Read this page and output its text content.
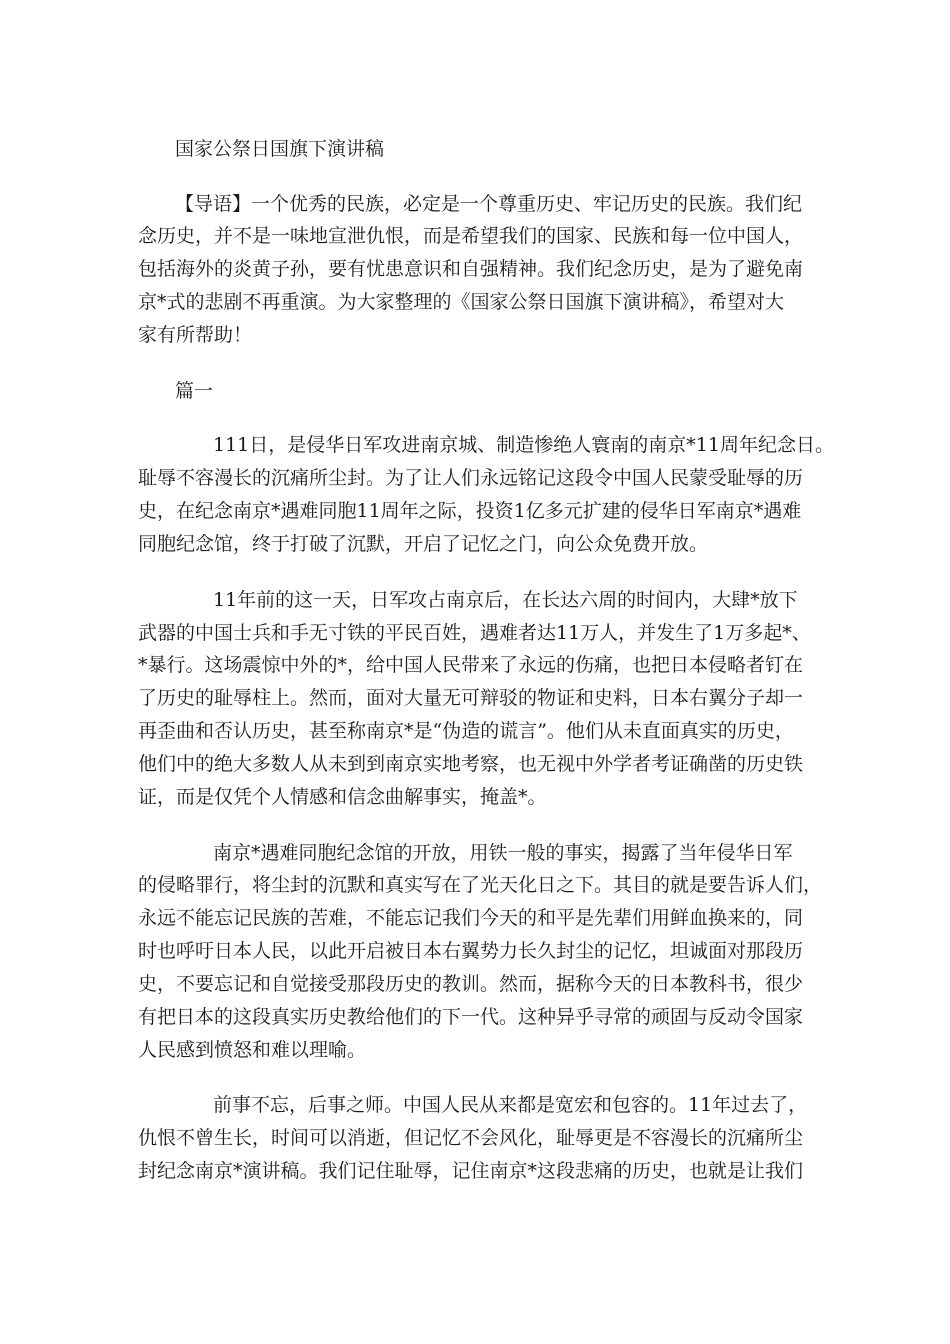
国家公祭日国旗下演讲稿
【导语】一个优秀的民族，必定是一个尊重历史、牢记历史的民族。我们纪
念历史，并不是一味地宣泄仇恨，而是希望我们的国家、民族和每一位中国人，
包括海外的炎黄子孙，要有忧患意识和自强精神。我们纪念历史，是为了避免南
京*式的悲剧不再重演。为大家整理的《国家公祭日国旗下演讲稿》，希望对大
家有所帮助！
篇一
111日，是侵华日军攻进南京城、制造惨绝人寰南的南京*11周年纪念日。
耻辱不容漫长的沉痛所尘封。为了让人们永远铭记这段令中国人民蒙受耻辱的历
史，在纪念南京*遇难同胞11周年之际，投资1亿多元扩建的侵华日军南京*遇难
同胞纪念馆，终于打破了沉默，开启了记忆之门，向公众免费开放。
11年前的这一天，日军攻占南京后，在长达六周的时间内，大肆*放下
武器的中国士兵和手无寸铁的平民百姓，遇难者达11万人，并发生了1万多起*、
*暴行。这场震惊中外的*，给中国人民带来了永远的伤痛，也把日本侵略者钉在
了历史的耻辱柱上。然而，面对大量无可辩驳的物证和史料，日本右翼分子却一
再歪曲和否认历史，甚至称南京*是“伪造的谎言”。他们从未直面真实的历史，
他们中的绝大多数人从未到到南京实地考察，也无视中外学者考证确凿的历史铁
证，而是仅凭个人情感和信念曲解事实，掩盖*。
南京*遇难同胞纪念馆的开放，用铁一般的事实，揭露了当年侵华日军
的侵略罪行，将尘封的沉默和真实写在了光天化日之下。其目的就是要告诉人们，
永远不能忘记民族的苦难，不能忘记我们今天的和平是先辈们用鲜血换来的，同
时也呼吁日本人民，以此开启被日本右翼势力长久封尘的记忆，坦诚面对那段历
史，不要忘记和自觉接受那段历史的教训。然而，据称今天的日本教科书，很少
有把日本的这段真实历史教给他们的下一代。这种异乎寻常的顽固与反动令国家
人民感到愤怒和难以理喻。
前事不忘，后事之师。中国人民从来都是宽宏和包容的。11年过去了，
仇恨不曾生长，时间可以消逝，但记忆不会风化，耻辱更是不容漫长的沉痛所尘
封纪念南京*演讲稿。我们记住耻辱，记住南京*这段悲痛的历史，也就是让我们
